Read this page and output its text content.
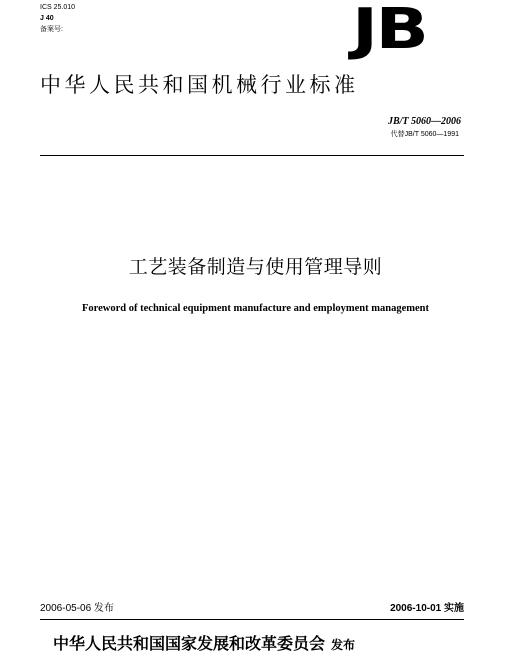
ICS 25.010
J 40
备案号:	JB
中华人民共和国机械行业标准
JB/T 5060—2006
代替JB/T 5060—1991
工艺装备制造与使用管理导则
Foreword of technical equipment manufacture and employment management
2006-05-06 发布	2006-10-01 实施
中华人民共和国国家发展和改革委员会 发布
